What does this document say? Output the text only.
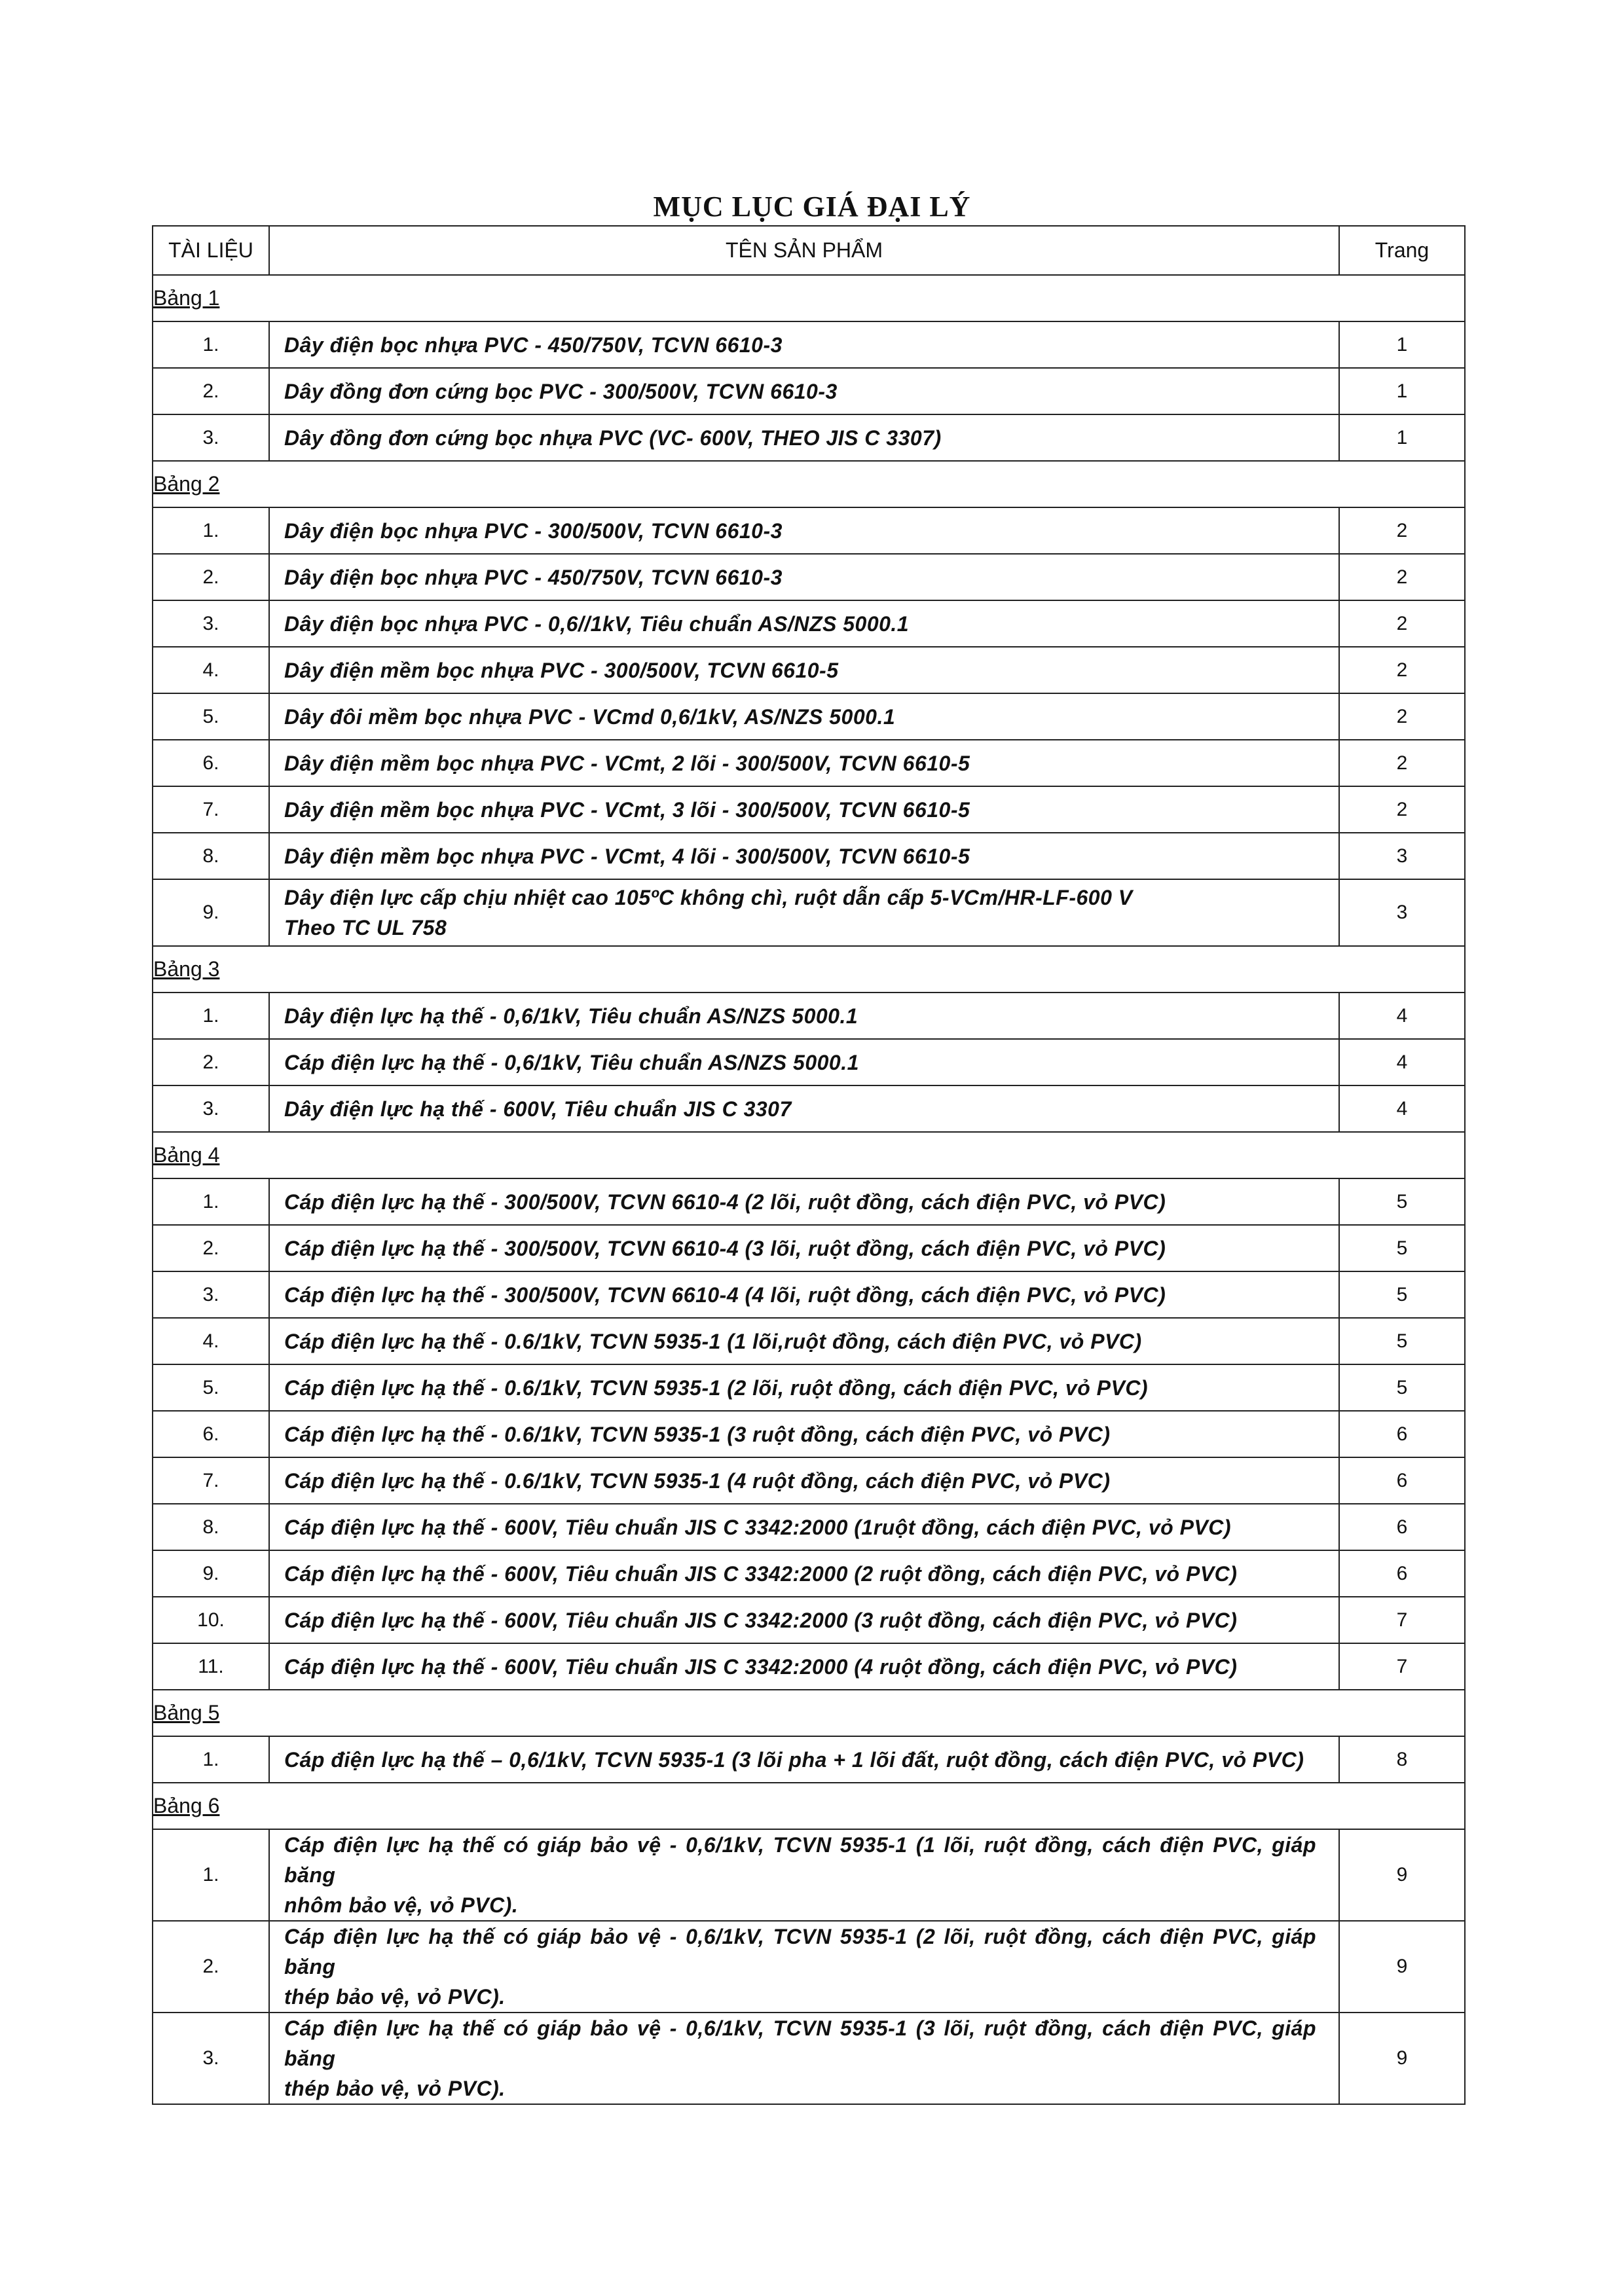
MỤC LỤC GIÁ ĐẠI LÝ
TÀI LIỆU	TÊN SẢN PHẨM	Trang
Bảng 1		
1.	Dây điện bọc nhựa PVC - 450/750V, TCVN 6610-3	1
2.	Dây đồng đơn cứng bọc PVC - 300/500V, TCVN 6610-3	1
3.	Dây đồng đơn cứng bọc nhựa PVC (VC- 600V, THEO JIS C 3307)	1
Bảng 2		
1.	Dây điện bọc nhựa PVC - 300/500V, TCVN 6610-3	2
2.	Dây điện bọc nhựa PVC - 450/750V, TCVN 6610-3	2
3.	Dây điện bọc nhựa PVC - 0,6//1kV, Tiêu chuẩn AS/NZS 5000.1	2
4.	Dây điện mềm bọc nhựa PVC - 300/500V, TCVN 6610-5	2
5.	Dây đôi mềm bọc nhựa PVC - VCmd 0,6/1kV, AS/NZS 5000.1	2
6.	Dây điện mềm bọc nhựa PVC - VCmt, 2 lõi - 300/500V, TCVN 6610-5	2
7.	Dây điện mềm bọc nhựa PVC - VCmt, 3 lõi - 300/500V, TCVN 6610-5	2
8.	Dây điện mềm bọc nhựa PVC - VCmt, 4 lõi - 300/500V, TCVN 6610-5	3
9.	Dây điện lực cấp chịu nhiệt cao 105ºC không chì, ruột dẫn cấp 5-VCm/HR-LF-600 V
Theo TC UL 758	3
Bảng 3		
1.	Dây điện lực hạ thế - 0,6/1kV, Tiêu chuẩn AS/NZS 5000.1	4
2.	Cáp điện lực hạ thế - 0,6/1kV, Tiêu chuẩn AS/NZS 5000.1	4
3.	Dây điện lực hạ thế - 600V, Tiêu chuẩn JIS C 3307	4
Bảng 4		
1.	Cáp điện lực hạ thế - 300/500V, TCVN 6610-4 (2 lõi, ruột đồng, cách điện PVC, vỏ PVC)	5
2.	Cáp điện lực hạ thế - 300/500V, TCVN 6610-4 (3 lõi, ruột đồng, cách điện PVC, vỏ PVC)	5
3.	Cáp điện lực hạ thế - 300/500V, TCVN 6610-4 (4 lõi, ruột đồng, cách điện PVC, vỏ PVC)	5
4.	Cáp điện lực hạ thế - 0.6/1kV, TCVN 5935-1 (1 lõi,ruột đồng, cách điện PVC, vỏ PVC)	5
5.	Cáp điện lực hạ thế - 0.6/1kV, TCVN 5935-1 (2 lõi, ruột đồng, cách điện PVC, vỏ PVC)	5
6.	Cáp điện lực hạ thế - 0.6/1kV, TCVN 5935-1 (3 ruột đồng, cách điện PVC, vỏ PVC)	6
7.	Cáp điện lực hạ thế - 0.6/1kV, TCVN 5935-1 (4 ruột đồng, cách điện PVC, vỏ PVC)	6
8.	Cáp điện lực hạ thế - 600V, Tiêu chuẩn JIS C 3342:2000 (1ruột đồng, cách điện PVC, vỏ PVC)	6
9.	Cáp điện lực hạ thế - 600V, Tiêu chuẩn JIS C 3342:2000 (2 ruột đồng, cách điện PVC, vỏ PVC)	6
10.	Cáp điện lực hạ thế - 600V, Tiêu chuẩn JIS C 3342:2000 (3 ruột đồng, cách điện PVC, vỏ PVC)	7
11.	Cáp điện lực hạ thế - 600V, Tiêu chuẩn JIS C 3342:2000 (4 ruột đồng, cách điện PVC, vỏ PVC)	7
Bảng 5		
1.	Cáp điện lực hạ thế – 0,6/1kV, TCVN 5935-1 (3 lõi pha + 1 lõi đất, ruột đồng, cách điện PVC, vỏ PVC)	8
Bảng 6		
1.	Cáp điện lực hạ thế có giáp bảo vệ - 0,6/1kV, TCVN 5935-1 (1 lõi, ruột đồng, cách điện PVC, giáp băng
nhôm bảo vệ, vỏ PVC).	9
2.	Cáp điện lực hạ thế có giáp bảo vệ - 0,6/1kV, TCVN 5935-1 (2 lõi, ruột đồng, cách điện PVC, giáp băng
thép bảo vệ, vỏ PVC).	9
3.	Cáp điện lực hạ thế có giáp bảo vệ - 0,6/1kV, TCVN 5935-1 (3 lõi, ruột đồng, cách điện PVC, giáp băng
thép bảo vệ, vỏ PVC).	9
